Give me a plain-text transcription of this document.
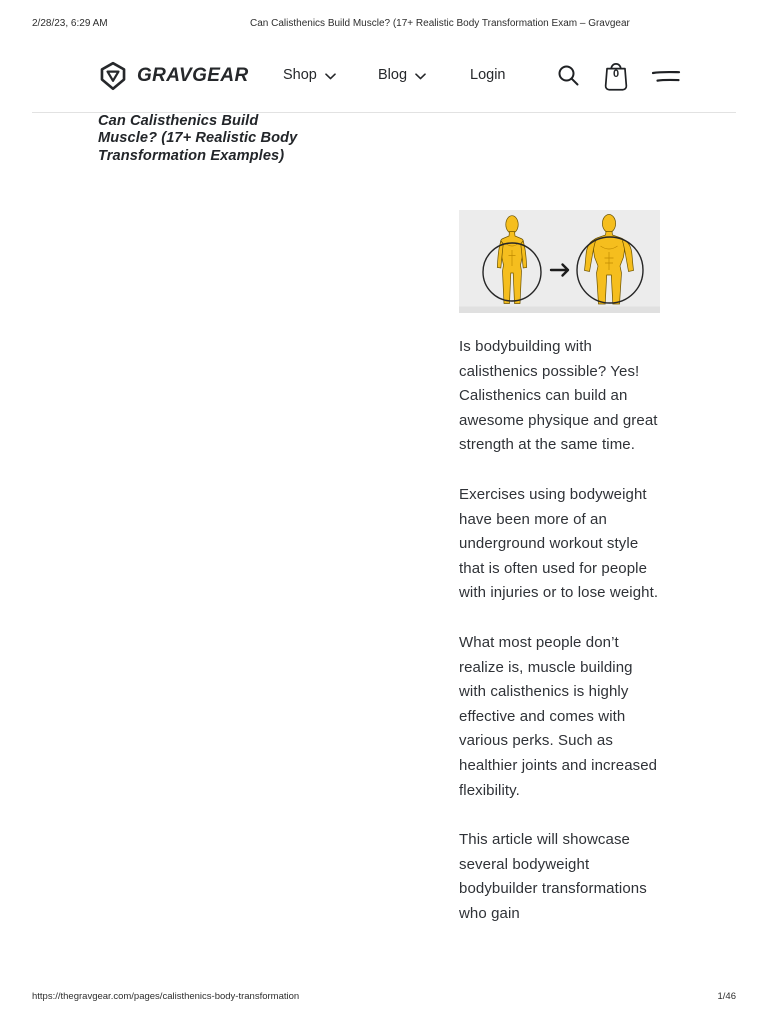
2/28/23, 6:29 AM	Can Calisthenics Build Muscle? (17+ Realistic Body Transformation Exam – Gravgear
GRAVGEAR Shop	Blog	Login	0
Can Calisthenics Build Muscle? (17+ Realistic Body Transformation Examples)

Is bodybuilding with calisthenics possible? Yes! Calisthenics can build an awesome physique and great strength at the same time.

Exercises using bodyweight have been more of an underground workout style that is often used for people with injuries or to lose weight.

What most people don’t realize is, muscle building with calisthenics is highly effective and comes with various perks. Such as healthier joints and increased flexibility.

This article will showcase several bodyweight bodybuilder transformations who gain

https://thegravgear.com/pages/calisthenics-body-transformation	1/46
